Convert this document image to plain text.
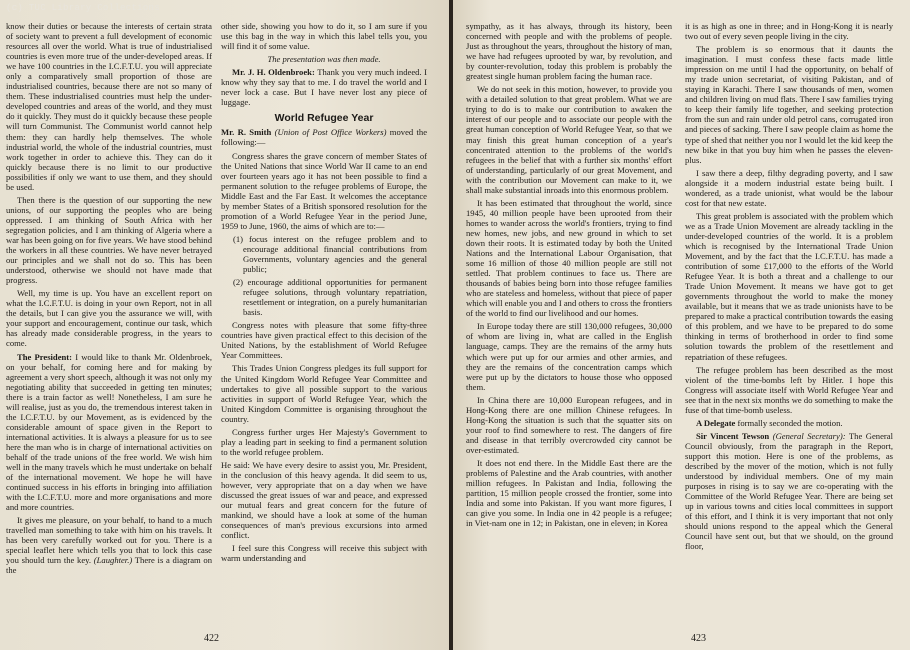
(c) TUC Library Collections

know their duties or because the interests of certain strata of society want to prevent a full development of economic resources all over the world. What is true of industrialised countries is even more true of the under-developed areas. If we have 100 countries in the I.C.F.T.U. you will appreciate only a comparatively small proportion of those are industrialised countries, because there are not so many of them. These industrialised countries must help the under-developed countries and areas of the world, and they must do it quickly. They must do it quickly because these people will turn Communist. The Communist world cannot help them: they can hardly help themselves. The whole industrial world, the whole of the industrial countries, must work together in order to achieve this. They can do it quickly because there is no limit to our productive possibilities if only we want to use them, and they should be used.

Then there is the question of our supporting the new unions, of our supporting the peoples who are being oppressed. I am thinking of South Africa with her segregation policies, and I am thinking of Algeria where a war has been going on for five years. We have stood behind the workers in all these countries. We have never betrayed our principles and we shall not do so. This has been understood, otherwise we should not have made that progress.

Well, my time is up. You have an excellent report on what the I.C.F.T.U. is doing in your own Report, not in all the details, but I can give you the assurance we will, with your support and encouragement, continue our task, which has already made considerable progress, in the years to come.

The President: I would like to thank Mr. Oldenbroek, on your behalf, for coming here and for making by agreement a very short speech, although it was not only my negotiating ability that succeeded in getting ten minutes; there is a train factor as well! Nonetheless, I am sure he will realise, just as you do, the tremendous interest taken in the I.C.F.T.U. by our Movement, as is evidenced by the considerable amount of space given in the Report to international activities. It is always a pleasure for us to see here the man who is in charge of international activities on behalf of the trade unions of the free world. We wish him well in the many travels which he must undertake on behalf of the international movement. We hope he will have continued success in his efforts in bringing into affiliation with the I.C.F.T.U. more and more organisations and more and more countries.

It gives me pleasure, on your behalf, to hand to a much travelled man something to take with him on his travels. It has been very carefully worked out for you. There is a special leaflet here which tells you that to lock this case you should turn the key. (Laughter.) There is a diagram on the

other side, showing you how to do it, so I am sure if you use this bag in the way in which this label tells you, you will find it of some value.

The presentation was then made.

Mr. J. H. Oldenbroek: Thank you very much indeed. I know why they say that to me. I do travel the world and I never lock a case. But I have never lost any piece of luggage.

World Refugee Year

Mr. R. Smith (Union of Post Office Workers) moved the following:—

Congress shares the grave concern of member States of the United Nations that since World War II came to an end over fourteen years ago it has not been possible to find a permanent solution to the refugee problems of Europe, the Middle East and the Far East. It welcomes the acceptance by member States of a British sponsored resolution for the promotion of a World Refugee Year in the period June, 1959 to June, 1960, the aims of which are to:—

(1) focus interest on the refugee problem and to encourage additional financial contributions from Governments, voluntary agencies and the general public;

(2) encourage additional opportunities for permanent refugee solutions, through voluntary repatriation, resettlement or integration, on a purely humanitarian basis.

Congress notes with pleasure that some fifty-three countries have given practical effect to this decision of the United Nations, by the establishment of World Refugee Year Committees.

This Trades Union Congress pledges its full support for the United Kingdom World Refugee Year Committee and undertakes to give all possible support to the various activities in support of World Refugee Year, which the United Kingdom Committee is organising throughout the country.

Congress further urges Her Majesty's Government to play a leading part in seeking to find a permanent solution to the world refugee problem.

He said: We have every desire to assist you, Mr. President, in the conclusion of this heavy agenda. It did seem to us, however, very appropriate that on a day when we have discussed the great issues of war and peace, and expressed our mutual fears and great concern for the future of mankind, we should have a look at some of the human consequences of man's previous excursions into armed conflict.

I feel sure this Congress will receive this subject with warm understanding and

422

sympathy, as it has always, through its history, been concerned with people and with the problems of people. Just as throughout the years, throughout the history of man, we have had refugees uprooted by war, by revolution, and by counter-revolution, today this problem is probably the greatest single human problem facing the human race.

We do not seek in this motion, however, to provide you with a detailed solution to that great problem. What we are trying to do is to make our contribution to awaken the interest of our people and to associate our people with the great human conception of World Refugee Year, so that we may finish this great human conception of a year's concentrated attention to the problems of the world's refugees in the belief that with a further six months' effort of understanding, particularly of our great Movement, and with the contribution our Movement can make to it, we shall make substantial inroads into this enormous problem.

It has been estimated that throughout the world, since 1945, 40 million people have been uprooted from their homes to wander across the world's frontiers, trying to find new homes, new jobs, and new ground in which to set down their roots. It is estimated today by both the United Nations and the International Labour Organisation, that some 16 million of those 40 million people are still not settled. That problem continues to face us. There are thousands of babies being born into those refugee families who are stateless and homeless, without that piece of paper which will enable you and I and others to cross the frontiers of the world to find our livelihood and our homes.

In Europe today there are still 130,000 refugees, 30,000 of whom are living in, what are called in the English language, camps. They are the remains of the army huts which were put up for our armies and other armies, and they are the remains of the concentration camps which were put up by the dictators to house those who opposed them.

In China there are 10,000 European refugees, and in Hong-Kong there are one million Chinese refugees. In Hong-Kong the situation is such that the squatter sits on your roof to find somewhere to rest. The dangers of fire and disease in that terribly overcrowded city cannot be over-estimated.

It does not end there. In the Middle East there are the problems of Palestine and the Arab countries, with another million refugees. In Pakistan and India, following the partition, 15 million people crossed the frontier, some into India and some into Pakistan. If you want more figures, I can give you some. In India one in 42 people is a refugee; in Viet-nam one in 12; in Pakistan, one in eleven; in Korea

it is as high as one in three; and in Hong-Kong it is nearly two out of every seven people living in the city.

The problem is so enormous that it daunts the imagination. I must confess these facts made little impression on me until I had the opportunity, on behalf of my trade union secretariat, of visiting Pakistan, and of staying in Karachi. There I saw thousands of men, women and children living on mud flats. There I saw families trying to keep their family life together, and seeking protection from the sun and rain under old petrol cans, corrugated iron and pieces of sacking. There I saw people claim as home the type of shed that neither you nor I would let the kid keep the new bike in that you buy him when he passes the eleven-plus.

I saw there a deep, filthy degrading poverty, and I saw alongside it a modern industrial estate being built. I wondered, as a trade unionist, what would be the labour cost for that new estate.

This great problem is associated with the problem which we as a Trade Union Movement are already tackling in the under-developed countries of the world. It is a problem which is recognised by the International Trade Union Movement, and by the fact that the I.C.F.T.U. has made a contribution of some £17,000 to the efforts of the World Refugee Year. It is both a threat and a challenge to our Trade Union Movement. It means we have got to get governments throughout the world to make the money available, but it means that we as trade unionists have to be prepared to make a practical contribution towards the easing of this problem, and we have to be prepared to do some thinking in terms of brotherhood in order to find some solution towards the problem of the resettlement and repatriation of these refugees.

The refugee problem has been described as the most violent of the time-bombs left by Hitler. I hope this Congress will associate itself with World Refugee Year and see that in the next six months we do something to make the fuse of that time-bomb useless.

A Delegate formally seconded the motion.

Sir Vincent Tewson (General Secretary): The General Council obviously, from the paragraph in the Report, support this motion. Here is one of the problems, as described by the mover of the motion, which is not fully understood by individual members. One of my main purposes in rising is to say we are co-operating with the Committee of the World Refugee Year. There are being set up in various towns and cities local committees in support of this effort, and I think it is very important that not only should unions respond to the appeal which the General Council have sent out, but that we should, on the ground floor,

423
